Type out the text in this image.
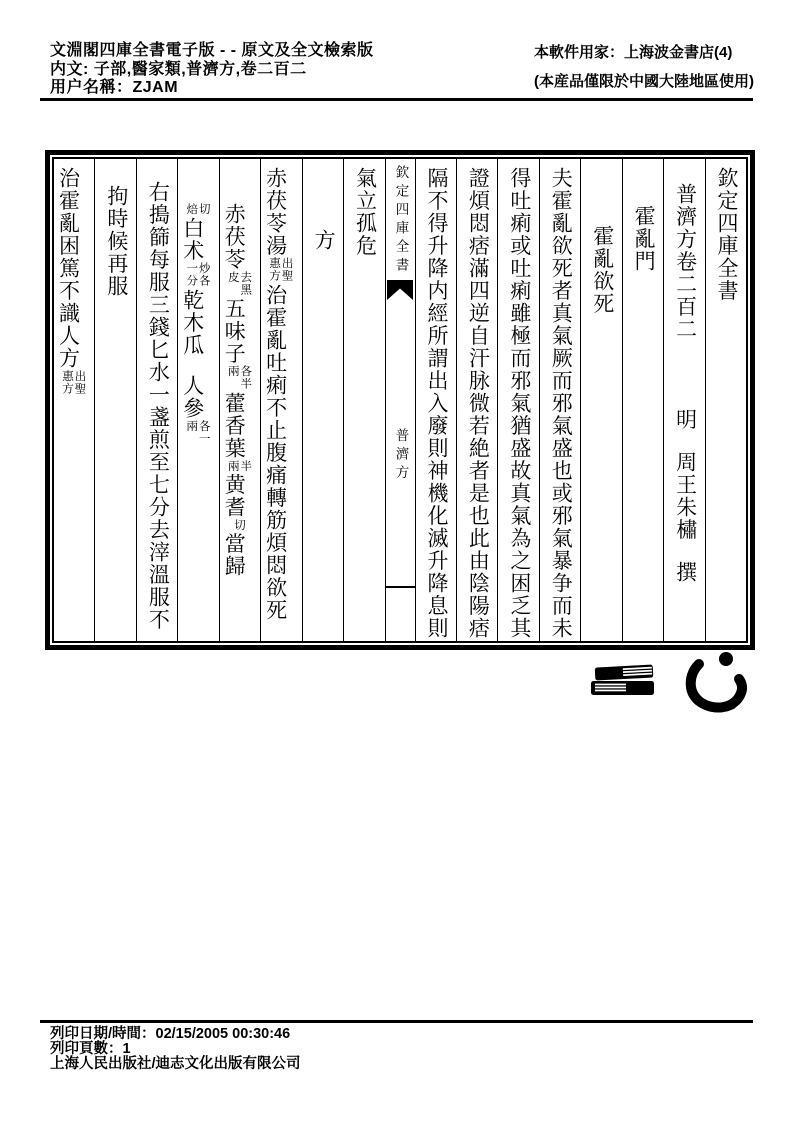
文淵閣四庫全書電子版 - - 原文及全文檢索版
内文: 子部,醫家類,普濟方,卷二百二
用户名稱：ZJAM
本軟件用家：上海波金書店(4)
(本産品僅限於中國大陸地區使用)
欽定四庫全書
普濟方卷二百二明周王朱橚撰
霍亂門
霍亂欲死
夫霍亂欲死者真氣厥而邪氣盛也或邪氣暴争而未
得吐痢或吐痢雖極而邪氣猶盛故真氣為之困乏其
證煩悶痞滿四逆自汗脉微若絶者是也此由陰陽痞
隔不得升降内經所謂出入廢則神機化滅升降息則
欽定四庫全書
普濟方
氣立孤危
方
赤茯苓湯出聖惠方治霍亂吐痢不止腹痛轉筋煩悶欲死
赤茯苓去黑皮五味子各半兩藿香葉半兩黄耆切當歸
切焙白术炒各一分乾木瓜人參各一兩
右搗篩每服三錢匕水一盞煎至七分去滓溫服不
拘時候再服
治霍亂困篤不識人方出聖惠方
列印日期/時間：02/15/2005 00:30:46
列印頁數：1
上海人民出版社/迪志文化出版有限公司
